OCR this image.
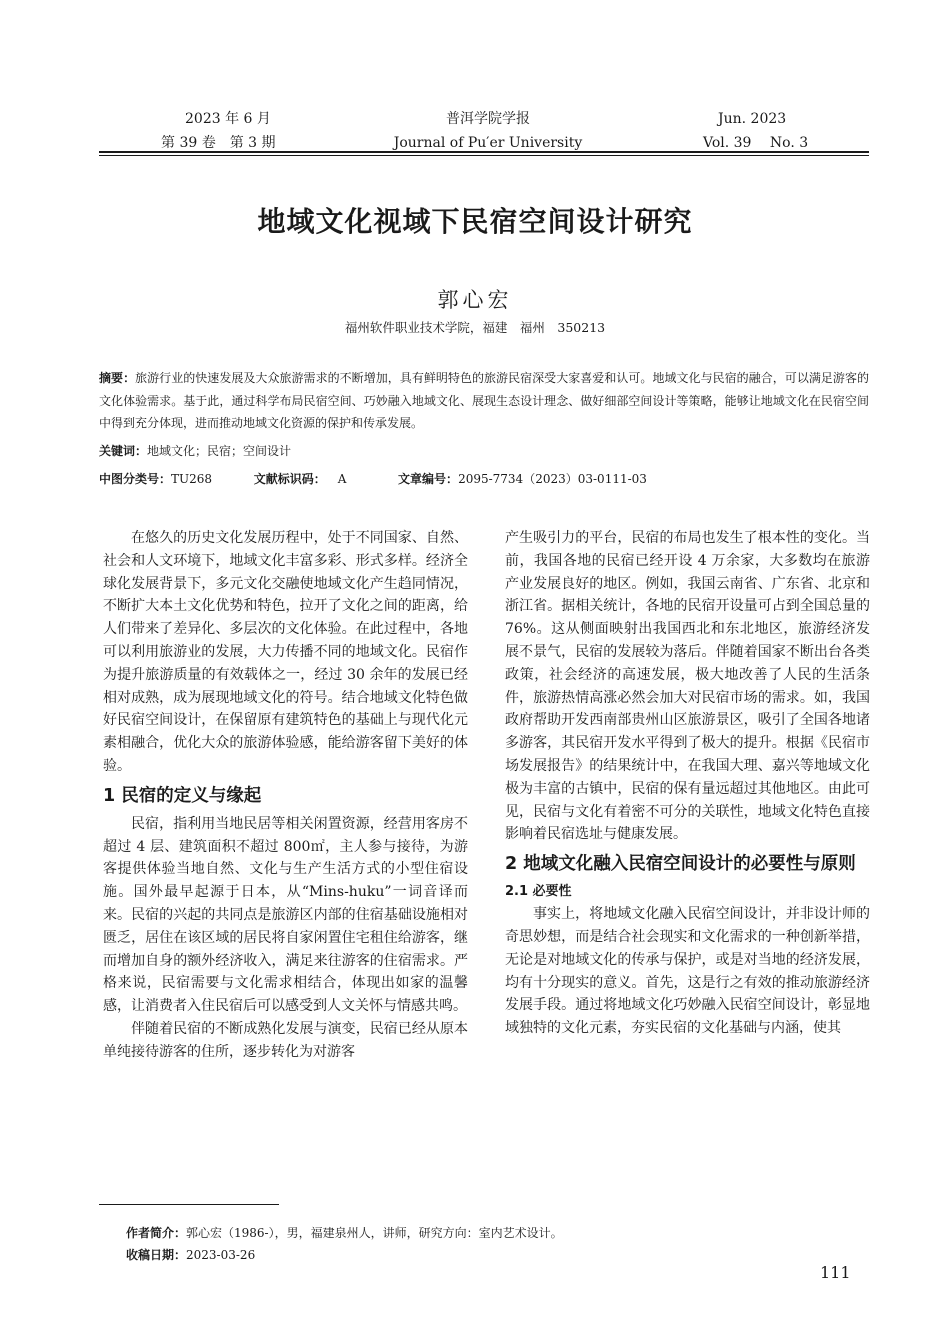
2023 年 6 月
第 39 卷　第 3 期
普洱学院学报
Journal of Pu′er University
Jun. 2023
Vol. 39　 No. 3
地域文化视域下民宿空间设计研究
郭心宏
福州软件职业技术学院，福建　福州　350213
摘要：旅游行业的快速发展及大众旅游需求的不断增加，具有鲜明特色的旅游民宿深受大家喜爱和认可。地域文化与民宿的融合，可以满足游客的文化体验需求。基于此，通过科学布局民宿空间、巧妙融入地域文化、展现生态设计理念、做好细部空间设计等策略，能够让地域文化在民宿空间中得到充分体现，进而推动地域文化资源的保护和传承发展。
关键词：地域文化；民宿；空间设计
中图分类号：TU268	文献标识码： A	文章编号：2095-7734（2023）03-0111-03

在悠久的历史文化发展历程中，处于不同国家、自然、社会和人文环境下，地域文化丰富多彩、形式多样。经济全球化发展背景下，多元文化交融使地域文化产生趋同情况，不断扩大本土文化优势和特色，拉开了文化之间的距离，给人们带来了差异化、多层次的文化体验。在此过程中，各地可以利用旅游业的发展，大力传播不同的地域文化。民宿作为提升旅游质量的有效载体之一，经过 30 余年的发展已经相对成熟，成为展现地域文化的符号。结合地域文化特色做好民宿空间设计，在保留原有建筑特色的基础上与现代化元素相融合，优化大众的旅游体验感，能给游客留下美好的体验。

1 民宿的定义与缘起

民宿，指利用当地民居等相关闲置资源，经营用客房不超过 4 层、建筑面积不超过 800㎡，主人参与接待，为游客提供体验当地自然、文化与生产生活方式的小型住宿设施。国外最早起源于日本，从“Mins-huku”一词音译而来。民宿的兴起的共同点是旅游区内部的住宿基础设施相对匮乏，居住在该区域的居民将自家闲置住宅租住给游客，继而增加自身的额外经济收入，满足来往游客的住宿需求。严格来说，民宿需要与文化需求相结合，体现出如家的温馨感，让消费者入住民宿后可以感受到人文关怀与情感共鸣。

伴随着民宿的不断成熟化发展与演变，民宿已经从原本单纯接待游客的住所，逐步转化为对游客

产生吸引力的平台，民宿的布局也发生了根本性的变化。当前，我国各地的民宿已经开设 4 万余家，大多数均在旅游产业发展良好的地区。例如，我国云南省、广东省、北京和浙江省。据相关统计，各地的民宿开设量可占到全国总量的 76%。这从侧面映射出我国西北和东北地区，旅游经济发展不景气，民宿的发展较为落后。伴随着国家不断出台各类政策，社会经济的高速发展，极大地改善了人民的生活条件，旅游热情高涨必然会加大对民宿市场的需求。如，我国政府帮助开发西南部贵州山区旅游景区，吸引了全国各地诸多游客，其民宿开发水平得到了极大的提升。根据《民宿市场发展报告》的结果统计中，在我国大理、嘉兴等地域文化极为丰富的古镇中，民宿的保有量远超过其他地区。由此可见，民宿与文化有着密不可分的关联性，地域文化特色直接影响着民宿选址与健康发展。

2 地域文化融入民宿空间设计的必要性与原则
2.1 必要性

事实上，将地域文化融入民宿空间设计，并非设计师的奇思妙想，而是结合社会现实和文化需求的一种创新举措，无论是对地域文化的传承与保护，或是对当地的经济发展，均有十分现实的意义。首先，这是行之有效的推动旅游经济发展手段。通过将地域文化巧妙融入民宿空间设计，彰显地域独特的文化元素，夯实民宿的文化基础与内涵，使其

作者简介：郭心宏（1986-），男，福建泉州人，讲师，研究方向：室内艺术设计。
收稿日期：2023-03-26
111
